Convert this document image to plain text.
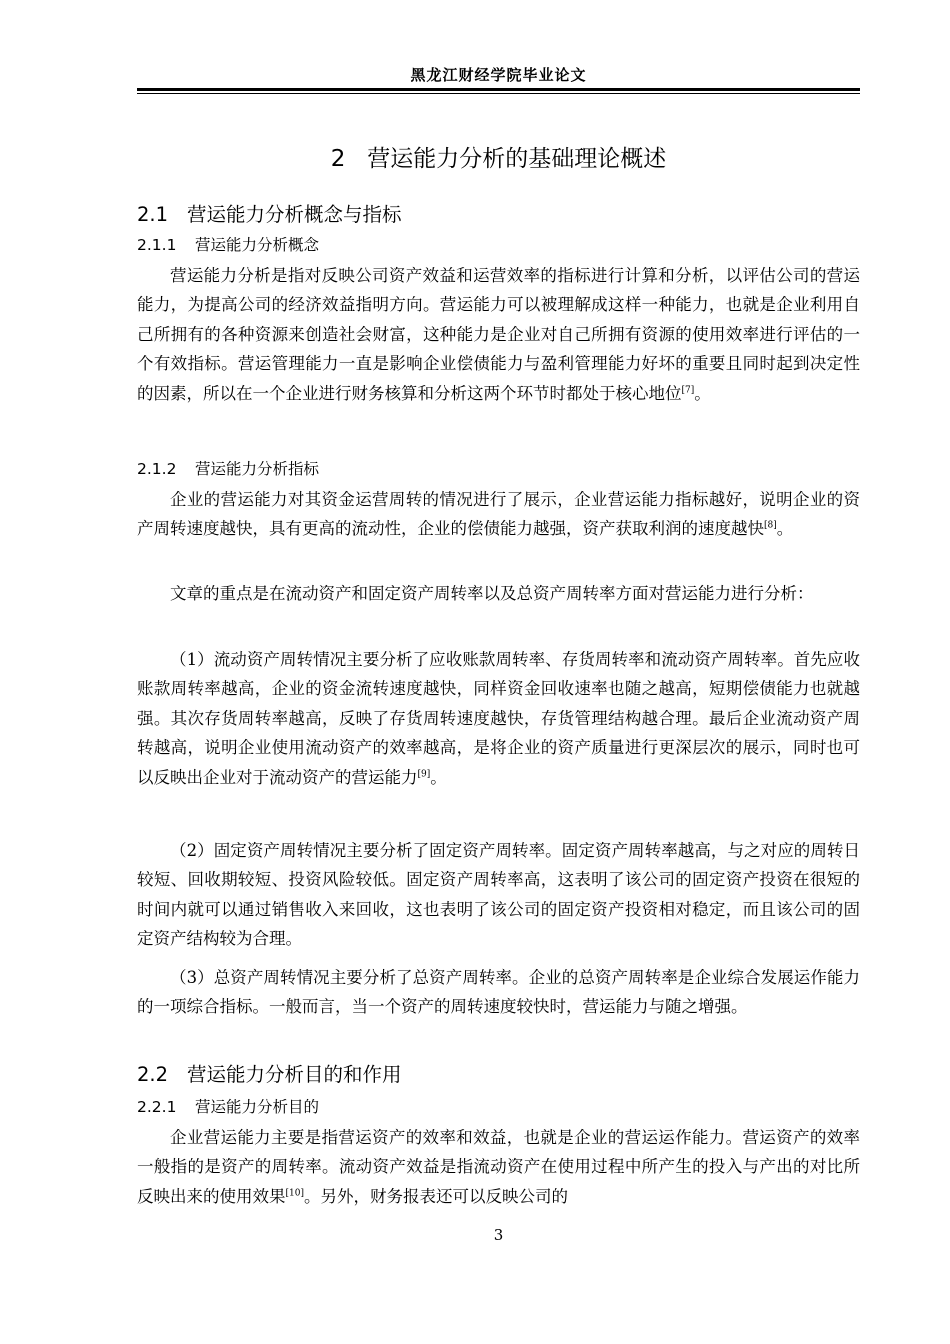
黑龙江财经学院毕业论文
2 营运能力分析的基础理论概述
2.1 营运能力分析概念与指标
2.1.1 营运能力分析概念

营运能力分析是指对反映公司资产效益和运营效率的指标进行计算和分析，以评估公司的营运能力，为提高公司的经济效益指明方向。营运能力可以被理解成这样一种能力，也就是企业利用自己所拥有的各种资源来创造社会财富，这种能力是企业对自己所拥有资源的使用效率进行评估的一个有效指标。营运管理能力一直是影响企业偿债能力与盈利管理能力好坏的重要且同时起到决定性的因素，所以在一个企业进行财务核算和分析这两个环节时都处于核心地位[7]。

2.1.2 营运能力分析指标

企业的营运能力对其资金运营周转的情况进行了展示，企业营运能力指标越好，说明企业的资产周转速度越快，具有更高的流动性，企业的偿债能力越强，资产获取利润的速度越快[8]。

文章的重点是在流动资产和固定资产周转率以及总资产周转率方面对营运能力进行分析：

（1）流动资产周转情况主要分析了应收账款周转率、存货周转率和流动资产周转率。首先应收账款周转率越高，企业的资金流转速度越快，同样资金回收速率也随之越高，短期偿债能力也就越强。其次存货周转率越高，反映了存货周转速度越快，存货管理结构越合理。最后企业流动资产周转越高，说明企业使用流动资产的效率越高，是将企业的资产质量进行更深层次的展示，同时也可以反映出企业对于流动资产的营运能力[9]。

（2）固定资产周转情况主要分析了固定资产周转率。固定资产周转率越高，与之对应的周转日较短、回收期较短、投资风险较低。固定资产周转率高，这表明了该公司的固定资产投资在很短的时间内就可以通过销售收入来回收，这也表明了该公司的固定资产投资相对稳定，而且该公司的固定资产结构较为合理。

（3）总资产周转情况主要分析了总资产周转率。企业的总资产周转率是企业综合发展运作能力的一项综合指标。一般而言，当一个资产的周转速度较快时，营运能力与随之增强。

2.2 营运能力分析目的和作用
2.2.1 营运能力分析目的

企业营运能力主要是指营运资产的效率和效益，也就是企业的营运运作能力。营运资产的效率一般指的是资产的周转率。流动资产效益是指流动资产在使用过程中所产生的投入与产出的对比所反映出来的使用效果[10]。另外，财务报表还可以反映公司的

3
